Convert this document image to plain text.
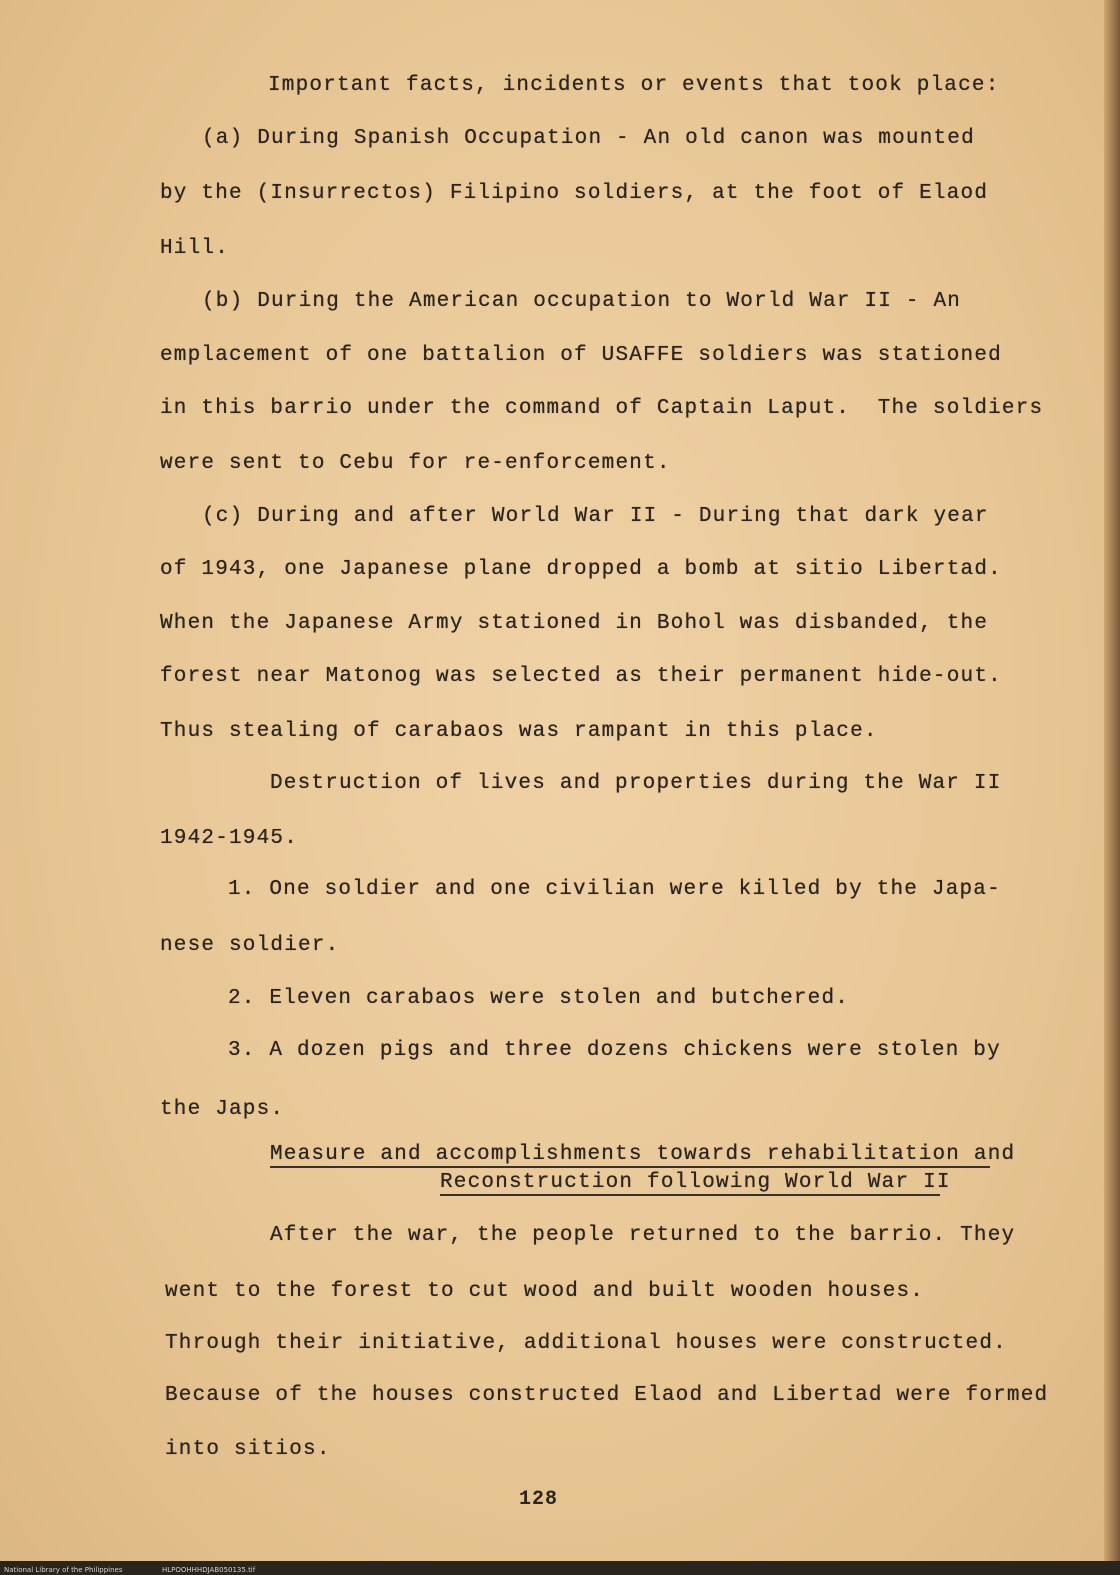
Important facts, incidents or events that took place:
(a) During Spanish Occupation - An old canon was mounted
by the (Insurrectos) Filipino soldiers, at the foot of Elaod
Hill.
(b) During the American occupation to World War II - An
emplacement of one battalion of USAFFE soldiers was stationed
in this barrio under the command of Captain Laput.  The soldiers
were sent to Cebu for re-enforcement.
(c) During and after World War II - During that dark year
of 1943, one Japanese plane dropped a bomb at sitio Libertad.
When the Japanese Army stationed in Bohol was disbanded, the
forest near Matonog was selected as their permanent hide-out.
Thus stealing of carabaos was rampant in this place.
Destruction of lives and properties during the War II
1942-1945.
1. One soldier and one civilian were killed by the Japa-
nese soldier.
2. Eleven carabaos were stolen and butchered.
3. A dozen pigs and three dozens chickens were stolen by
the Japs.
Measure and accomplishments towards rehabilitation and
Reconstruction following World War II
After the war, the people returned to the barrio. They
went to the forest to cut wood and built wooden houses.
Through their initiative, additional houses were constructed.
Because of the houses constructed Elaod and Libertad were formed
into sitios.
128
National Library of the Philippines	HLPOOHHHDJAB050135.tif
